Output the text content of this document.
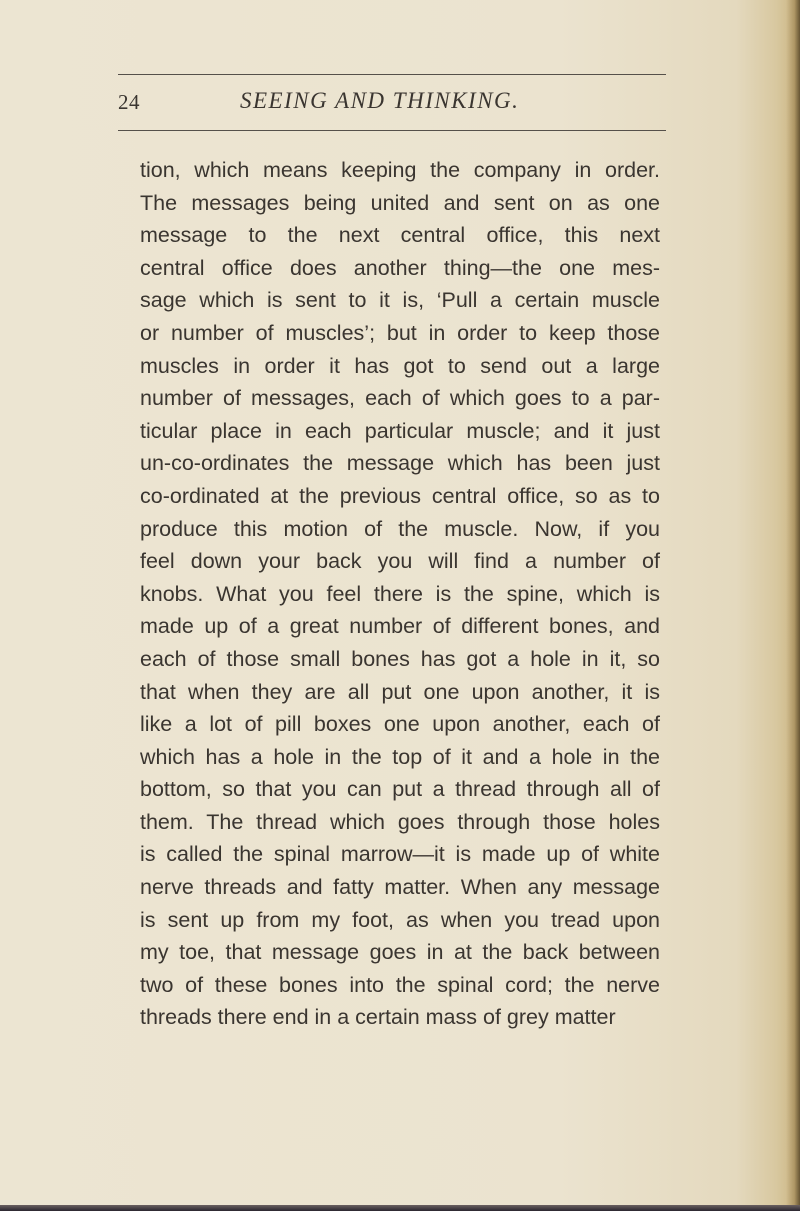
24	SEEING AND THINKING.
tion, which means keeping the company in order.
The messages being united and sent on as one
message to the next central office, this next
central office does another thing—the one mes-
sage which is sent to it is, ‘Pull a certain muscle
or number of muscles’; but in order to keep those
muscles in order it has got to send out a large
number of messages, each of which goes to a par-
ticular place in each particular muscle; and it just
un-co-ordinates the message which has been just
co-ordinated at the previous central office, so as to
produce this motion of the muscle. Now, if you
feel down your back you will find a number of
knobs. What you feel there is the spine, which is
made up of a great number of different bones, and
each of those small bones has got a hole in it, so
that when they are all put one upon another, it is
like a lot of pill boxes one upon another, each of
which has a hole in the top of it and a hole in the
bottom, so that you can put a thread through all of
them. The thread which goes through those holes
is called the spinal marrow—it is made up of white
nerve threads and fatty matter. When any message
is sent up from my foot, as when you tread upon
my toe, that message goes in at the back between
two of these bones into the spinal cord; the nerve
threads there end in a certain mass of grey matter
